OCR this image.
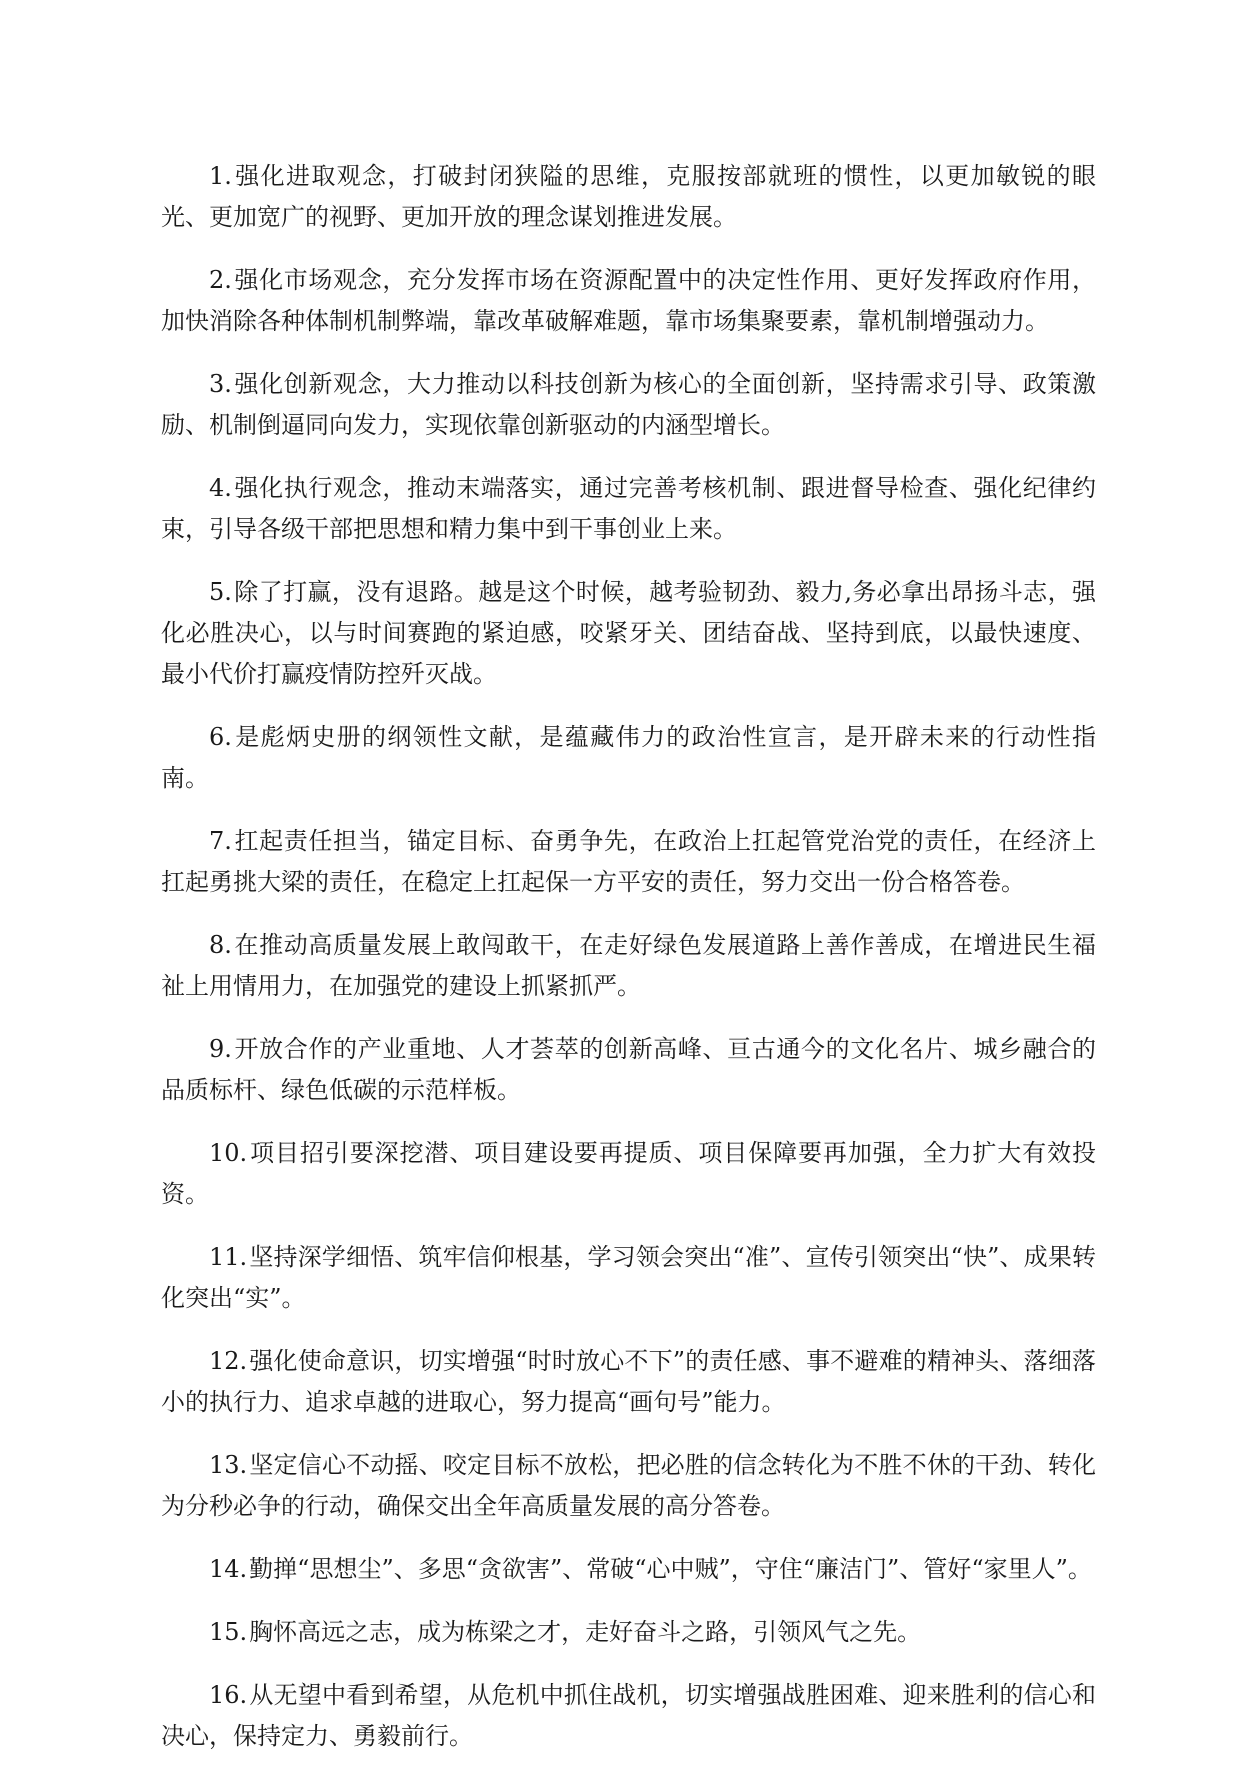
1.强化进取观念，打破封闭狭隘的思维，克服按部就班的惯性，以更加敏锐的眼光、更加宽广的视野、更加开放的理念谋划推进发展。

2.强化市场观念，充分发挥市场在资源配置中的决定性作用、更好发挥政府作用，加快消除各种体制机制弊端，靠改革破解难题，靠市场集聚要素，靠机制增强动力。

3.强化创新观念，大力推动以科技创新为核心的全面创新，坚持需求引导、政策激励、机制倒逼同向发力，实现依靠创新驱动的内涵型增长。

4.强化执行观念，推动末端落实，通过完善考核机制、跟进督导检查、强化纪律约束，引导各级干部把思想和精力集中到干事创业上来。

5.除了打赢，没有退路。越是这个时候，越考验韧劲、毅力,务必拿出昂扬斗志，强化必胜决心，以与时间赛跑的紧迫感，咬紧牙关、团结奋战、坚持到底，以最快速度、最小代价打赢疫情防控歼灭战。

6.是彪炳史册的纲领性文献，是蕴藏伟力的政治性宣言，是开辟未来的行动性指南。

7.扛起责任担当，锚定目标、奋勇争先，在政治上扛起管党治党的责任，在经济上扛起勇挑大梁的责任，在稳定上扛起保一方平安的责任，努力交出一份合格答卷。

8.在推动高质量发展上敢闯敢干，在走好绿色发展道路上善作善成，在增进民生福祉上用情用力，在加强党的建设上抓紧抓严。

9.开放合作的产业重地、人才荟萃的创新高峰、亘古通今的文化名片、城乡融合的品质标杆、绿色低碳的示范样板。

10.项目招引要深挖潜、项目建设要再提质、项目保障要再加强，全力扩大有效投资。

11.坚持深学细悟、筑牢信仰根基，学习领会突出“准”、宣传引领突出“快”、成果转化突出“实”。

12.强化使命意识，切实增强“时时放心不下”的责任感、事不避难的精神头、落细落小的执行力、追求卓越的进取心，努力提高“画句号”能力。

13.坚定信心不动摇、咬定目标不放松，把必胜的信念转化为不胜不休的干劲、转化为分秒必争的行动，确保交出全年高质量发展的高分答卷。

14.勤掸“思想尘”、多思“贪欲害”、常破“心中贼”，守住“廉洁门”、管好“家里人”。

15.胸怀高远之志，成为栋梁之才，走好奋斗之路，引领风气之先。

16.从无望中看到希望，从危机中抓住战机，切实增强战胜困难、迎来胜利的信心和决心，保持定力、勇毅前行。
